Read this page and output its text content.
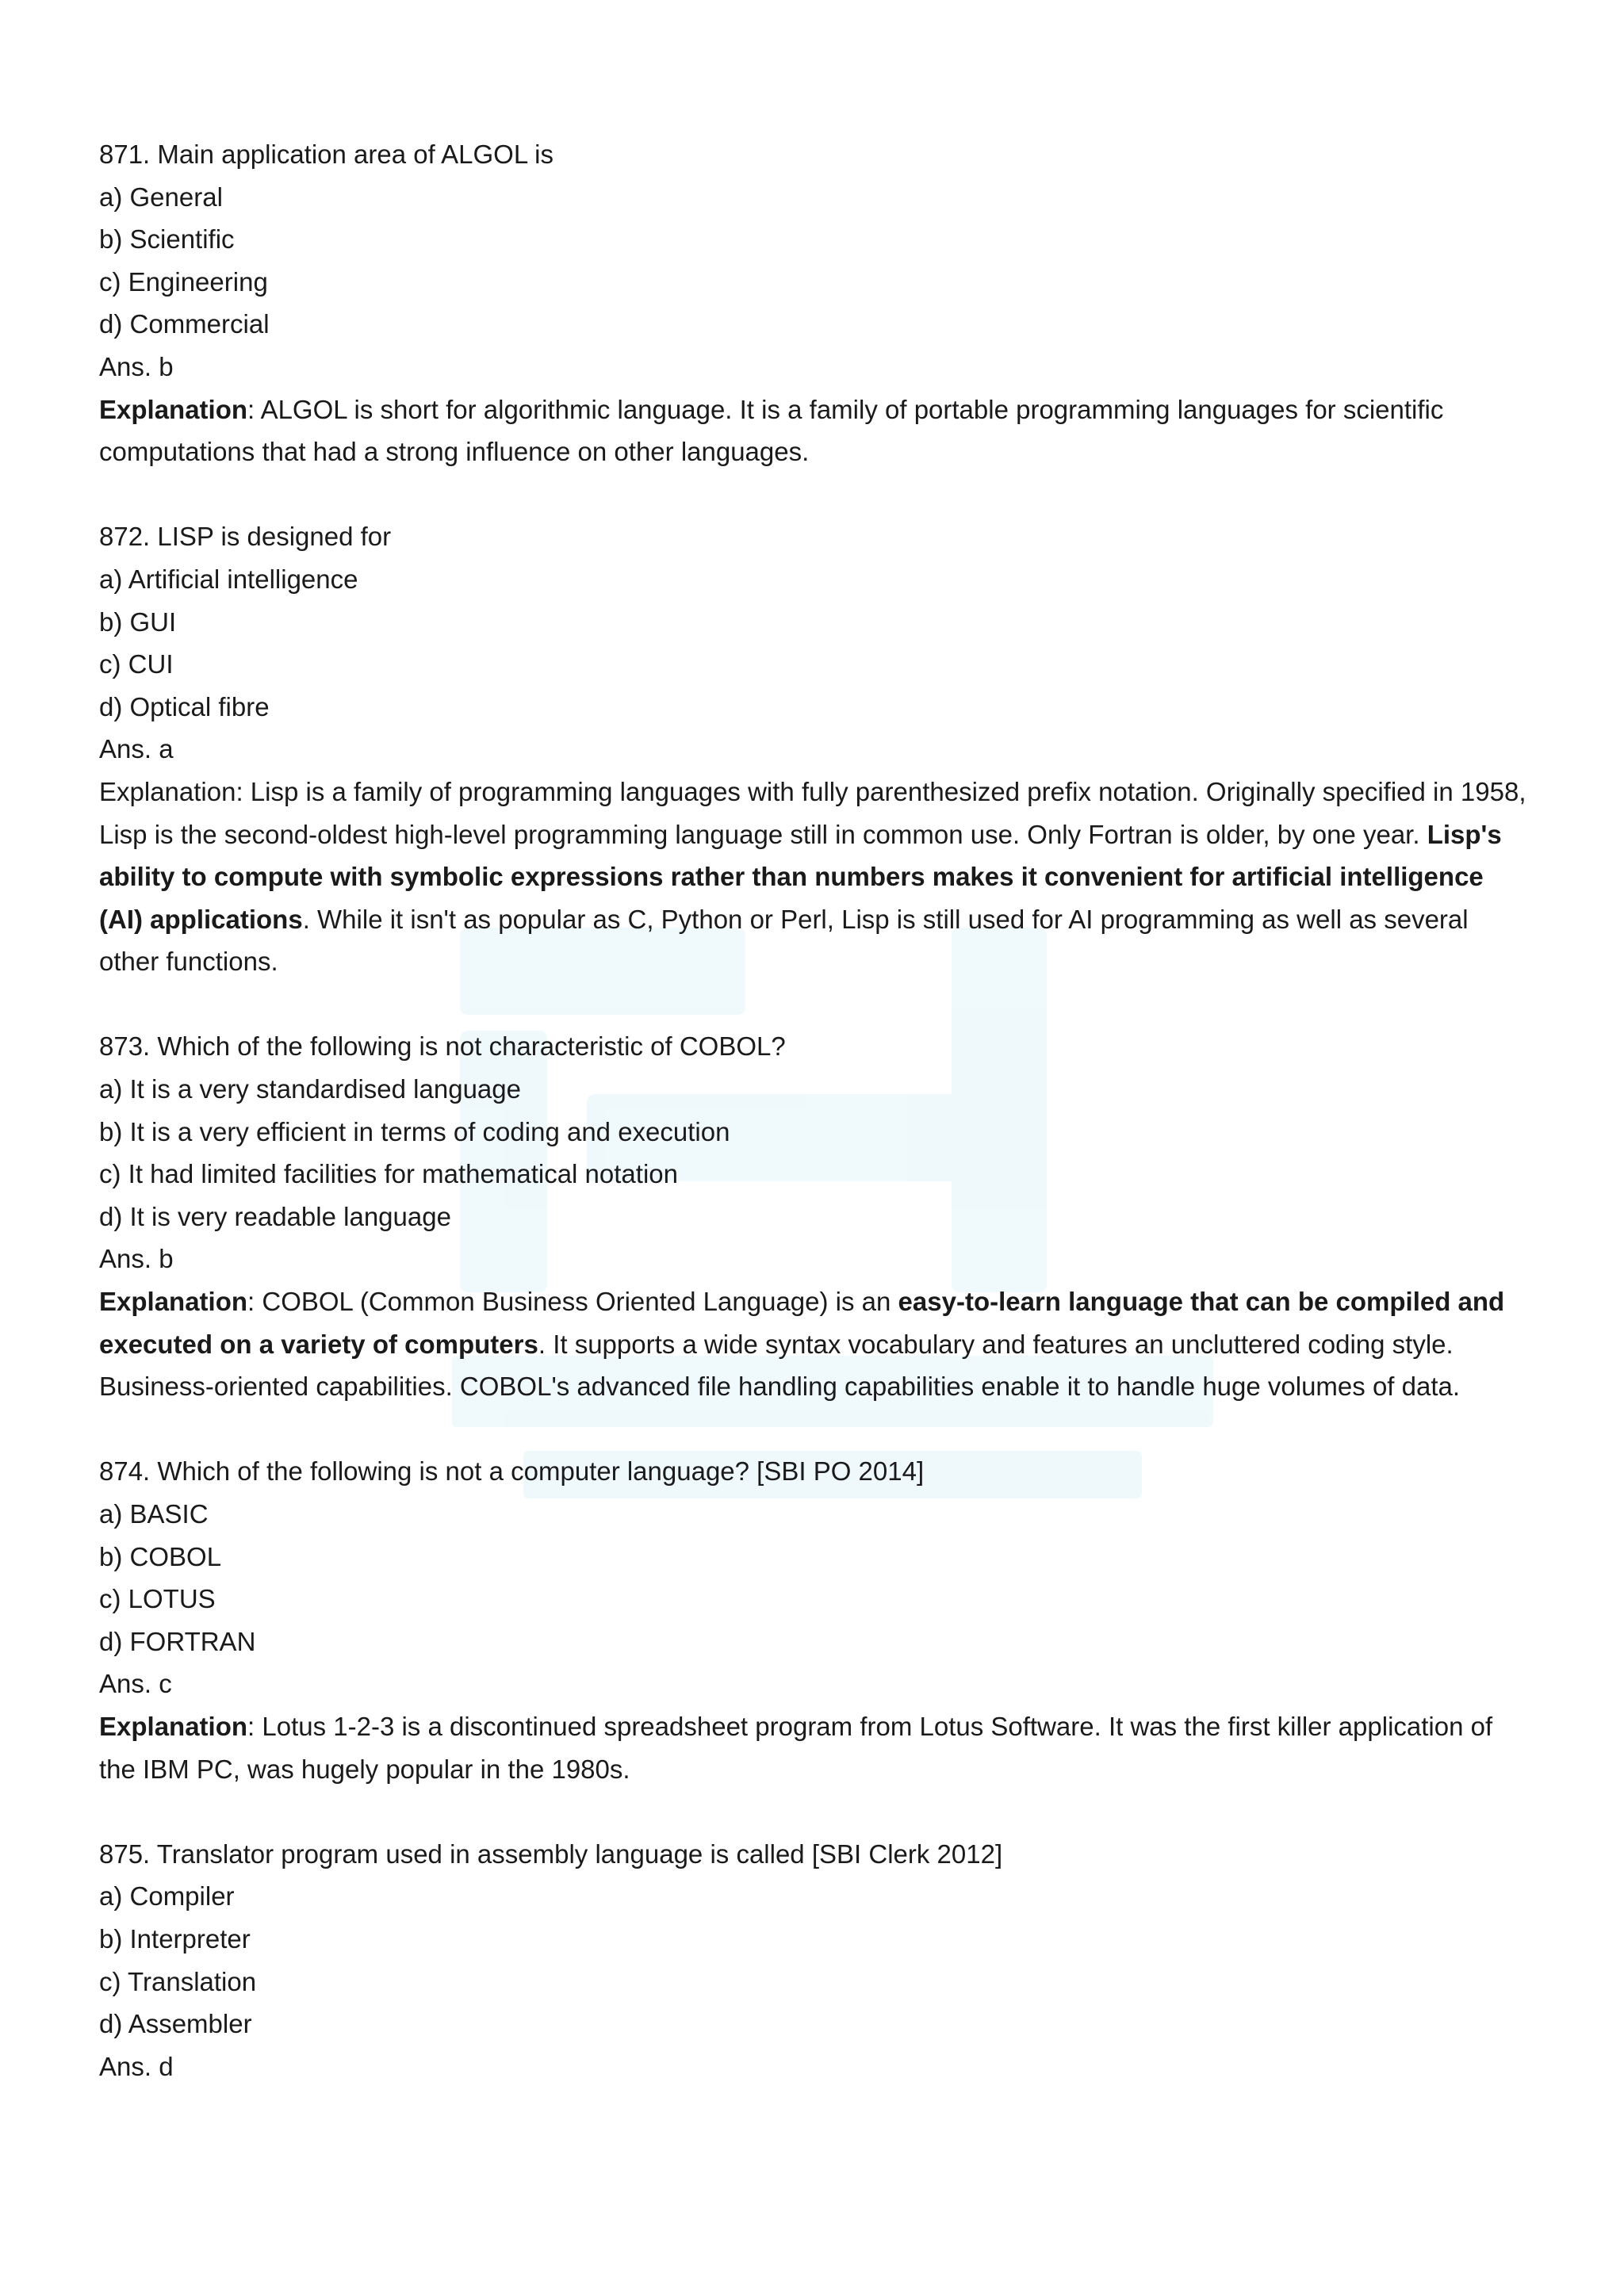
871. Main application area of ALGOL is
a) General
b) Scientific
c) Engineering
d) Commercial
Ans. b
Explanation: ALGOL is short for algorithmic language. It is a family of portable programming languages for scientific computations that had a strong influence on other languages.
872. LISP is designed for
a) Artificial intelligence
b) GUI
c) CUI
d) Optical fibre
Ans. a
Explanation: Lisp is a family of programming languages with fully parenthesized prefix notation. Originally specified in 1958, Lisp is the second-oldest high-level programming language still in common use. Only Fortran is older, by one year. Lisp's ability to compute with symbolic expressions rather than numbers makes it convenient for artificial intelligence (AI) applications. While it isn't as popular as C, Python or Perl, Lisp is still used for AI programming as well as several other functions.
873. Which of the following is not characteristic of COBOL?
a) It is a very standardised language
b) It is a very efficient in terms of coding and execution
c) It had limited facilities for mathematical notation
d) It is very readable language
Ans. b
Explanation: COBOL (Common Business Oriented Language) is an easy-to-learn language that can be compiled and executed on a variety of computers. It supports a wide syntax vocabulary and features an uncluttered coding style. Business-oriented capabilities. COBOL's advanced file handling capabilities enable it to handle huge volumes of data.
874. Which of the following is not a computer language? [SBI PO 2014]
a) BASIC
b) COBOL
c) LOTUS
d) FORTRAN
Ans. c
Explanation: Lotus 1-2-3 is a discontinued spreadsheet program from Lotus Software. It was the first killer application of the IBM PC, was hugely popular in the 1980s.
875. Translator program used in assembly language is called [SBI Clerk 2012]
a) Compiler
b) Interpreter
c) Translation
d) Assembler
Ans. d
